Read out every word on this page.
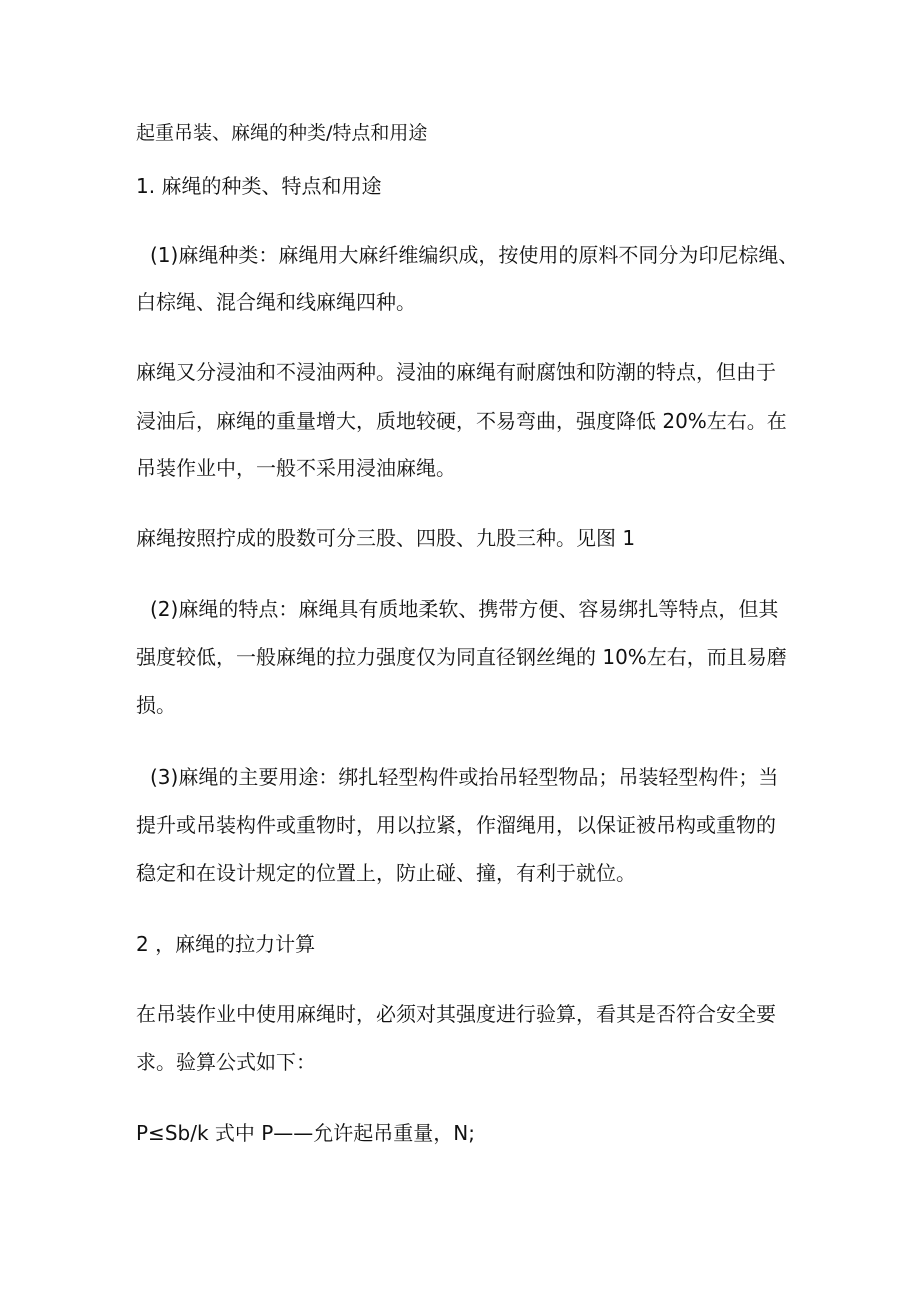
起重吊装、麻绳的种类/特点和用途
1. 麻绳的种类、特点和用途
(1)麻绳种类：麻绳用大麻纤维编织成，按使用的原料不同分为印尼棕绳、
白棕绳、混合绳和线麻绳四种。
麻绳又分浸油和不浸油两种。浸油的麻绳有耐腐蚀和防潮的特点，但由于
浸油后，麻绳的重量增大，质地较硬，不易弯曲，强度降低 20%左右。在
吊装作业中，一般不采用浸油麻绳。
麻绳按照拧成的股数可分三股、四股、九股三种。见图 1
(2)麻绳的特点：麻绳具有质地柔软、携带方便、容易绑扎等特点，但其
强度较低，一般麻绳的拉力强度仅为同直径钢丝绳的 10%左右，而且易磨
损。
(3)麻绳的主要用途：绑扎轻型构件或抬吊轻型物品；吊装轻型构件；当
提升或吊装构件或重物时，用以拉紧，作溜绳用，以保证被吊构或重物的
稳定和在设计规定的位置上，防止碰、撞，有利于就位。
2 ，麻绳的拉力计算
在吊装作业中使用麻绳时，必须对其强度进行验算，看其是否符合安全要
求。验算公式如下：
P≤Sb/k 式中 P——允许起吊重量，N;
